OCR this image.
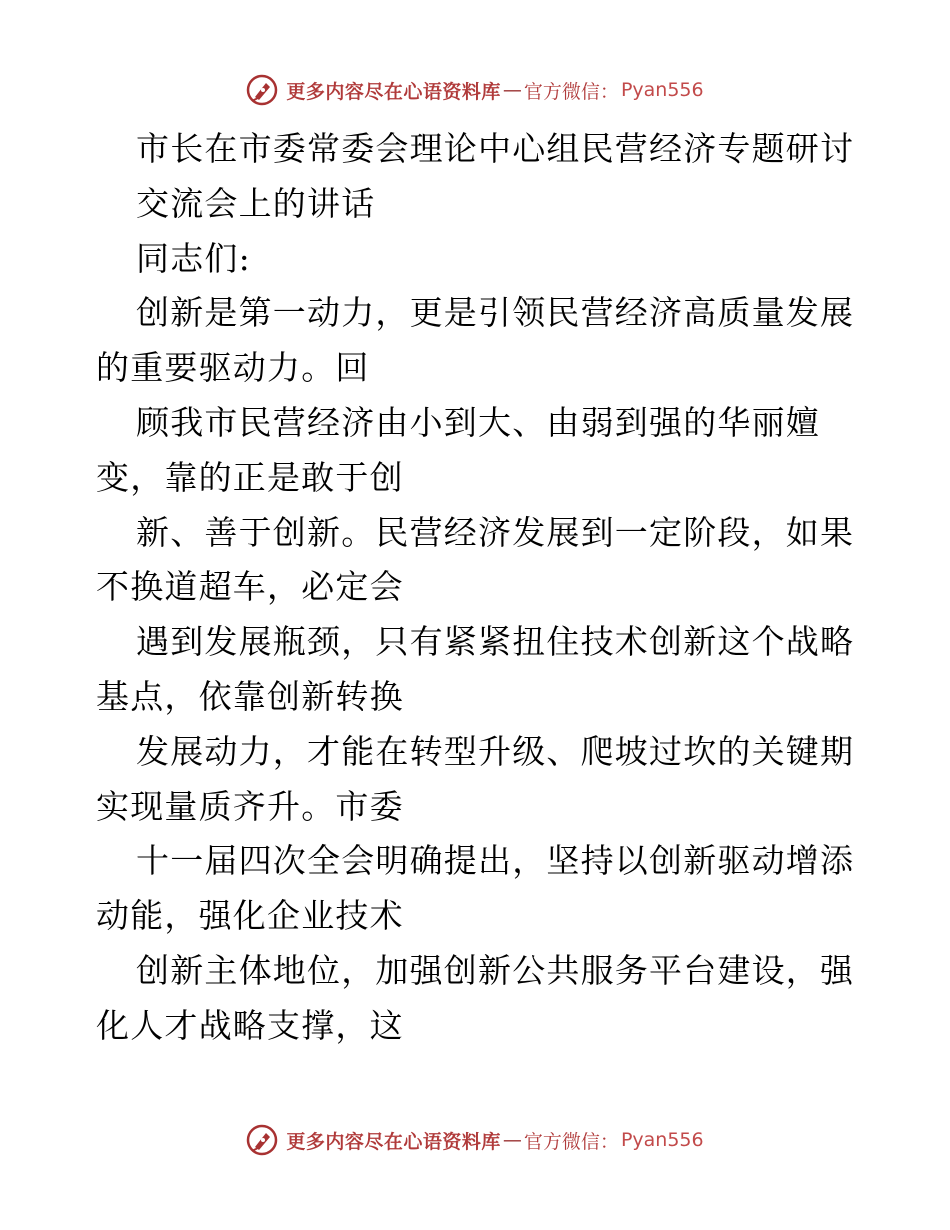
更多内容尽在心语资料库 — 官方微信： Pyan556
市长在市委常委会理论中心组民营经济专题研讨
交流会上的讲话
同志们:
创新是第一动力，更是引领民营经济高质量发展
的重要驱动力。回
顾我市民营经济由小到大、由弱到强的华丽嬗
变，靠的正是敢于创
新、善于创新。民营经济发展到一定阶段，如果
不换道超车，必定会
遇到发展瓶颈，只有紧紧扭住技术创新这个战略
基点，依靠创新转换
发展动力，才能在转型升级、爬坡过坎的关键期
实现量质齐升。市委
十一届四次全会明确提出，坚持以创新驱动增添
动能，强化企业技术
创新主体地位，加强创新公共服务平台建设，强
化人才战略支撑，这
更多内容尽在心语资料库 — 官方微信： Pyan556
